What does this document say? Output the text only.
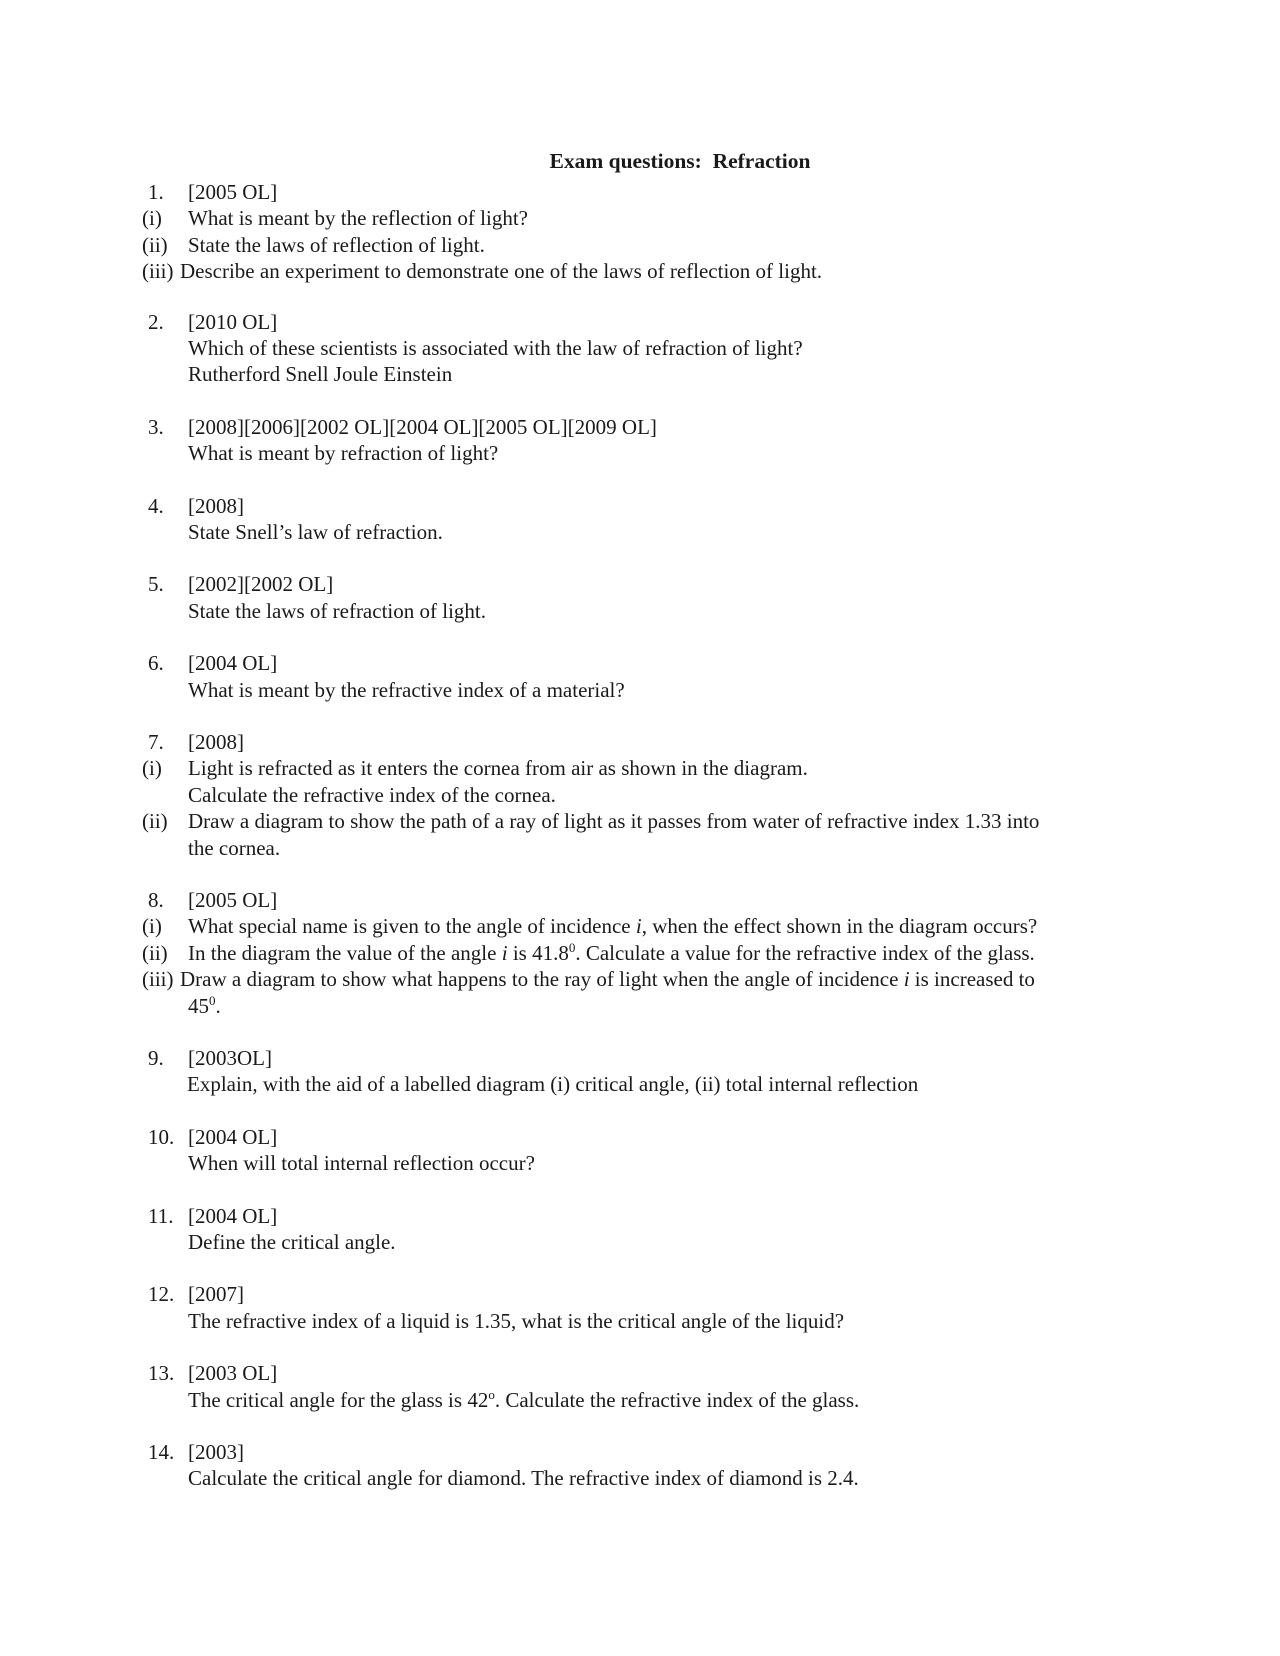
Exam questions:  Refraction
1.	[2005 OL]
(i)	What is meant by the reflection of light?
(ii) State the laws of reflection of light.
(iii) Describe an experiment to demonstrate one of the laws of reflection of light.
2.	[2010 OL]
Which of these scientists is associated with the law of refraction of light?
Rutherford Snell Joule Einstein
3.	[2008][2006][2002 OL][2004 OL][2005 OL][2009 OL]
What is meant by refraction of light?
4.	[2008]
State Snell’s law of refraction.
5.	[2002][2002 OL]
State the laws of refraction of light.
6.	[2004 OL]
What is meant by the refractive index of a material?
7.	[2008]
(i)	Light is refracted as it enters the cornea from air as shown in the diagram.
Calculate the refractive index of the cornea.
(ii) Draw a diagram to show the path of a ray of light as it passes from water of refractive index 1.33 into
the cornea.
8.	[2005 OL]
(i)	What special name is given to the angle of incidence i, when the effect shown in the diagram occurs?
(ii) In the diagram the value of the angle i is 41.8$^0$. Calculate a value for the refractive index of the glass.
(iii) Draw a diagram to show what happens to the ray of light when the angle of incidence i is increased to
$45^0$.
9.	[2003OL]
Explain, with the aid of a labelled diagram (i) critical angle, (ii) total internal reflection
10. [2004 OL]
When will total internal reflection occur?
11. [2004 OL]
Define the critical angle.
12. [2007]
The refractive index of a liquid is 1.35, what is the critical angle of the liquid?
13. [2003 OL]
The critical angle for the glass is 42$^o$. Calculate the refractive index of the glass.
14. [2003]
Calculate the critical angle for diamond. The refractive index of diamond is 2.4.
